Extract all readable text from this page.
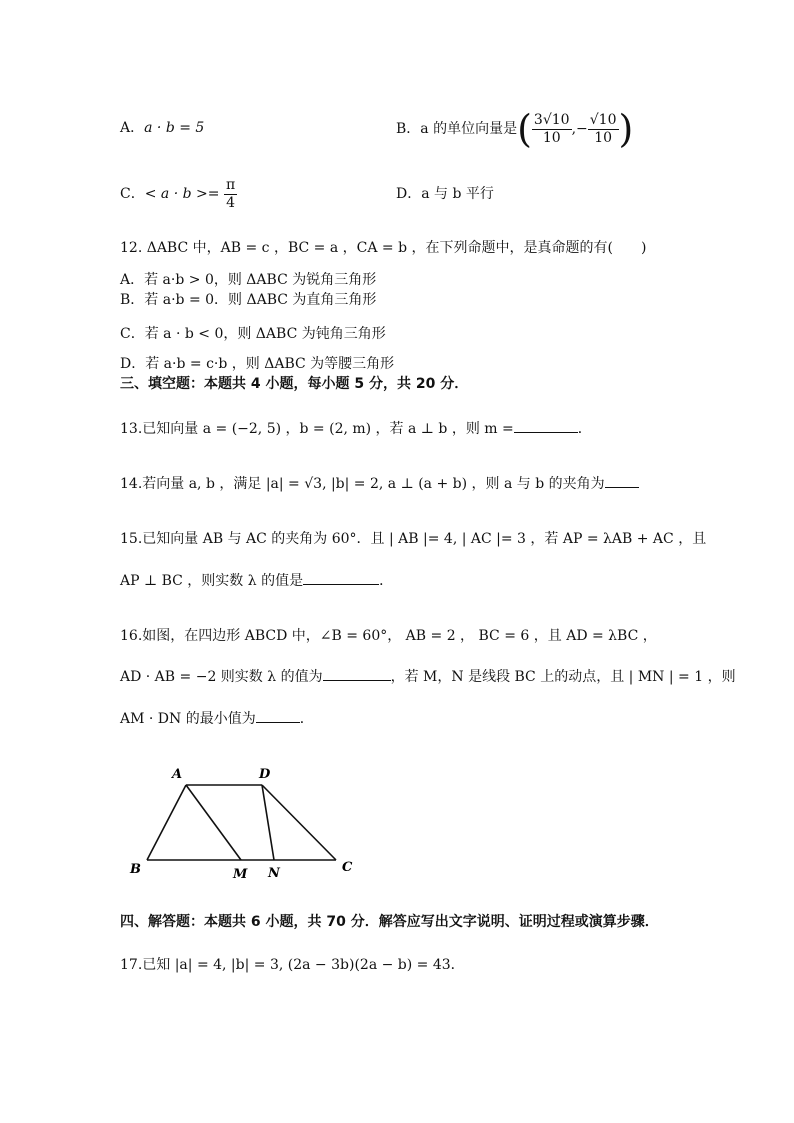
A．a · b = 5	B．a 的单位向量是( $\frac{3√10}{10}$ ,− $\frac{√10}{10}$ )
C．< $a \cdot b >= \frac{\pi}{4}$	D．a 与 b 平行
12. ΔABC 中，AB = c ，BC = a ，CA = b ，在下列命题中，是真命题的有(　　)
A．若 a·b > 0，则 ΔABC 为锐角三角形
B．若 a·b = 0．则 ΔABC 为直角三角形
C．若 a · b < 0，则 ΔABC 为钝角三角形
D．若 a·b = c·b ，则 ΔABC 为等腰三角形
三、填空题：本题共 4 小题，每小题 5 分，共 20 分．
13.已知向量 a = (−2, 5) ，b = (2, m) ，若 a ⊥ b ，则 m =	．
14.若向量 a, b ，满足 |a| = √3, |b| = 2, a ⊥ (a + b) ，则 a 与 b 的夹角为
15.已知向量 AB 与 AC 的夹角为 60°．且 | AB |= 4, | AC |= 3 ，若 AP = λAB + AC ，且
AP ⊥ BC ，则实数 λ 的值是	．
16.如图，在四边形 ABCD 中，∠B = 60°， AB = 2 ， BC = 6 ，且 AD = λBC ，
AD · AB = −2 则实数 λ 的值为	，若 M，N 是线段 BC 上的动点，且 | MN | = 1 ，则
AM · DN 的最小值为	．
A	D
B	M N	C
四、解答题：本题共 6 小题，共 70 分．解答应写出文字说明、证明过程或演算步骤．
17.已知 |a| = 4, |b| = 3, (2a − 3b)(2a − b) = 43．
